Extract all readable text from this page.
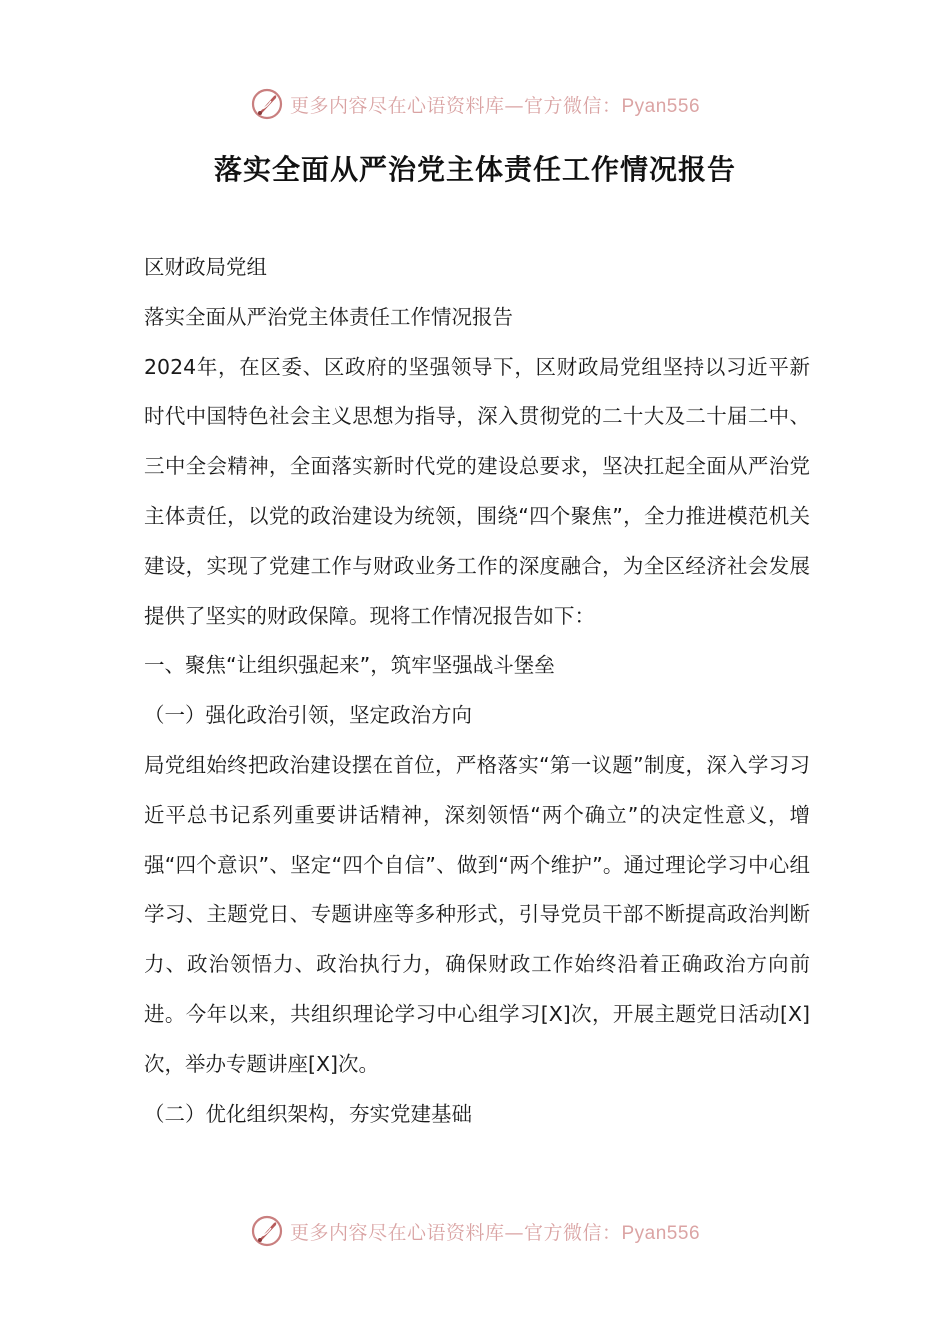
更多内容尽在心语资料库—官方微信：Pyan556
落实全面从严治党主体责任工作情况报告

区财政局党组

落实全面从严治党主体责任工作情况报告

2024年，在区委、区政府的坚强领导下，区财政局党组坚持以习近平新时代中国特色社会主义思想为指导，深入贯彻党的二十大及二十届二中、三中全会精神，全面落实新时代党的建设总要求，坚决扛起全面从严治党主体责任，以党的政治建设为统领，围绕“四个聚焦”，全力推进模范机关建设，实现了党建工作与财政业务工作的深度融合，为全区经济社会发展提供了坚实的财政保障。现将工作情况报告如下：

一、聚焦“让组织强起来”，筑牢坚强战斗堡垒

（一）强化政治引领，坚定政治方向

局党组始终把政治建设摆在首位，严格落实“第一议题”制度，深入学习习近平总书记系列重要讲话精神，深刻领悟“两个确立”的决定性意义，增强“四个意识”、坚定“四个自信”、做到“两个维护”。通过理论学习中心组学习、主题党日、专题讲座等多种形式，引导党员干部不断提高政治判断力、政治领悟力、政治执行力，确保财政工作始终沿着正确政治方向前进。今年以来，共组织理论学习中心组学习[X]次，开展主题党日活动[X]次，举办专题讲座[X]次。

（二）优化组织架构，夯实党建基础

更多内容尽在心语资料库—官方微信：Pyan556
